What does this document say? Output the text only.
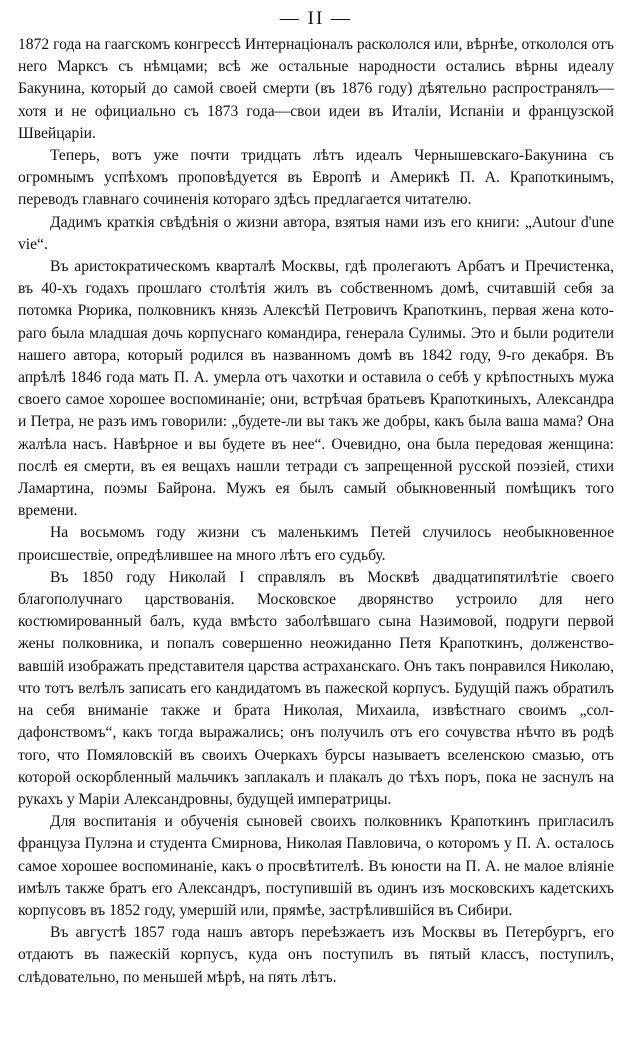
— II —

1872 года на гаагскомъ конгрессѣ Интернаціоналъ раскололся или, вѣрнѣе, откололся отъ него Марксъ съ нѣмцами; всѣ же остальные народности остались вѣрны идеалу Бакунина, который до самой своей смерти (въ 1876 году) дѣятельно распространялъ—хотя и не официально съ 1873 года—свои идеи въ Италіи, Испаніи и французской Швейцаріи.

Теперь, вотъ уже почти тридцать лѣтъ идеалъ Чернышевскаго-Бакунина съ огромнымъ успѣхомъ проповѣдуется въ Европѣ и Америкѣ П. А. Крапоткинымъ, переводъ главнаго сочиненія котораго здѣсь предлагается читателю.

Дадимъ краткія свѣдѣнія о жизни автора, взятыя нами изъ его книги: „Autour d'une vie“.

Въ аристократическомъ кварталѣ Москвы, гдѣ пролегаютъ Арбатъ и Пречистенка, въ 40-хъ годахъ прошлаго столѣтія жилъ въ собственномъ домѣ, считавшій себя за потомка Рюрика, полковникъ князь Алексѣй Петровичъ Крапоткинъ, первая жена котораго была младшая дочь корпуснаго командира, генерала Сулимы. Это и были родители нашего автора, который родился въ названномъ домѣ въ 1842 году, 9-го декабря. Въ апрѣлѣ 1846 года мать П. А. умерла отъ чахотки и оставила о себѣ у крѣпостныхъ мужа своего самое хорошее воспоминаніе; они, встрѣчая братьевъ Крапоткиныхъ, Александра и Петра, не разъ имъ говорили: „будете-ли вы такъ же добры, какъ была ваша мама? Она жалѣла насъ. Навѣрное и вы будете въ нее“. Очевидно, она была передовая женщина: послѣ ея смерти, въ ея вещахъ нашли тетради съ запрещенной русской поэзіей, стихи Ламартина, поэмы Байрона. Мужъ ея былъ самый обыкновенный помѣщикъ того времени.

На восьмомъ году жизни съ маленькимъ Петей случилось необыкновенное происшествіе, опредѣлившее на много лѣтъ его судьбу.

Въ 1850 году Николай I справлялъ въ Москвѣ двадцатипятилѣтіе своего благополучнаго царствованія. Московское дворянство устроило для него костюмированный балъ, куда вмѣсто заболѣвшаго сына Назимовой, подруги первой жены полковника, и попалъ совершенно неожиданно Петя Крапоткинъ, долженствовавшій изображать представителя царства астраханскаго. Онъ такъ понравился Николаю, что тотъ велѣлъ записать его кандидатомъ въ пажеской корпусъ. Будущій пажъ обратилъ на себя вниманіе также и брата Николая, Михаила, извѣстнаго своимъ „солдафонствомъ“, какъ тогда выражались; онъ получилъ отъ его сочувства нѣчто въ родѣ того, что Помяловскій въ своихъ Очеркахъ бурсы называетъ вселенскою смазью, отъ которой оскорбленный мальчикъ заплакалъ и плакалъ до тѣхъ поръ, пока не заснулъ на рукахъ у Маріи Александровны, будущей императрицы.

Для воспитанія и обученія сыновей своихъ полковникъ Крапоткинъ пригласилъ француза Пулэна и студента Смирнова, Николая Павловича, о которомъ у П. А. осталось самое хорошее воспоминаніе, какъ о просвѣтителѣ. Въ юности на П. А. не малое вліяніе имѣлъ также братъ его Александръ, поступившій въ одинъ изъ московскихъ кадетскихъ корпусовъ въ 1852 году, умершій или, прямѣе, застрѣлившійся въ Сибири.

Въ августѣ 1857 года нашъ авторъ переѣзжаетъ изъ Москвы въ Петербургъ, его отдаютъ въ пажескій корпусъ, куда онъ поступилъ въ пятый классъ, поступилъ, слѣдовательно, по меньшей мѣрѣ, на пять лѣтъ.
